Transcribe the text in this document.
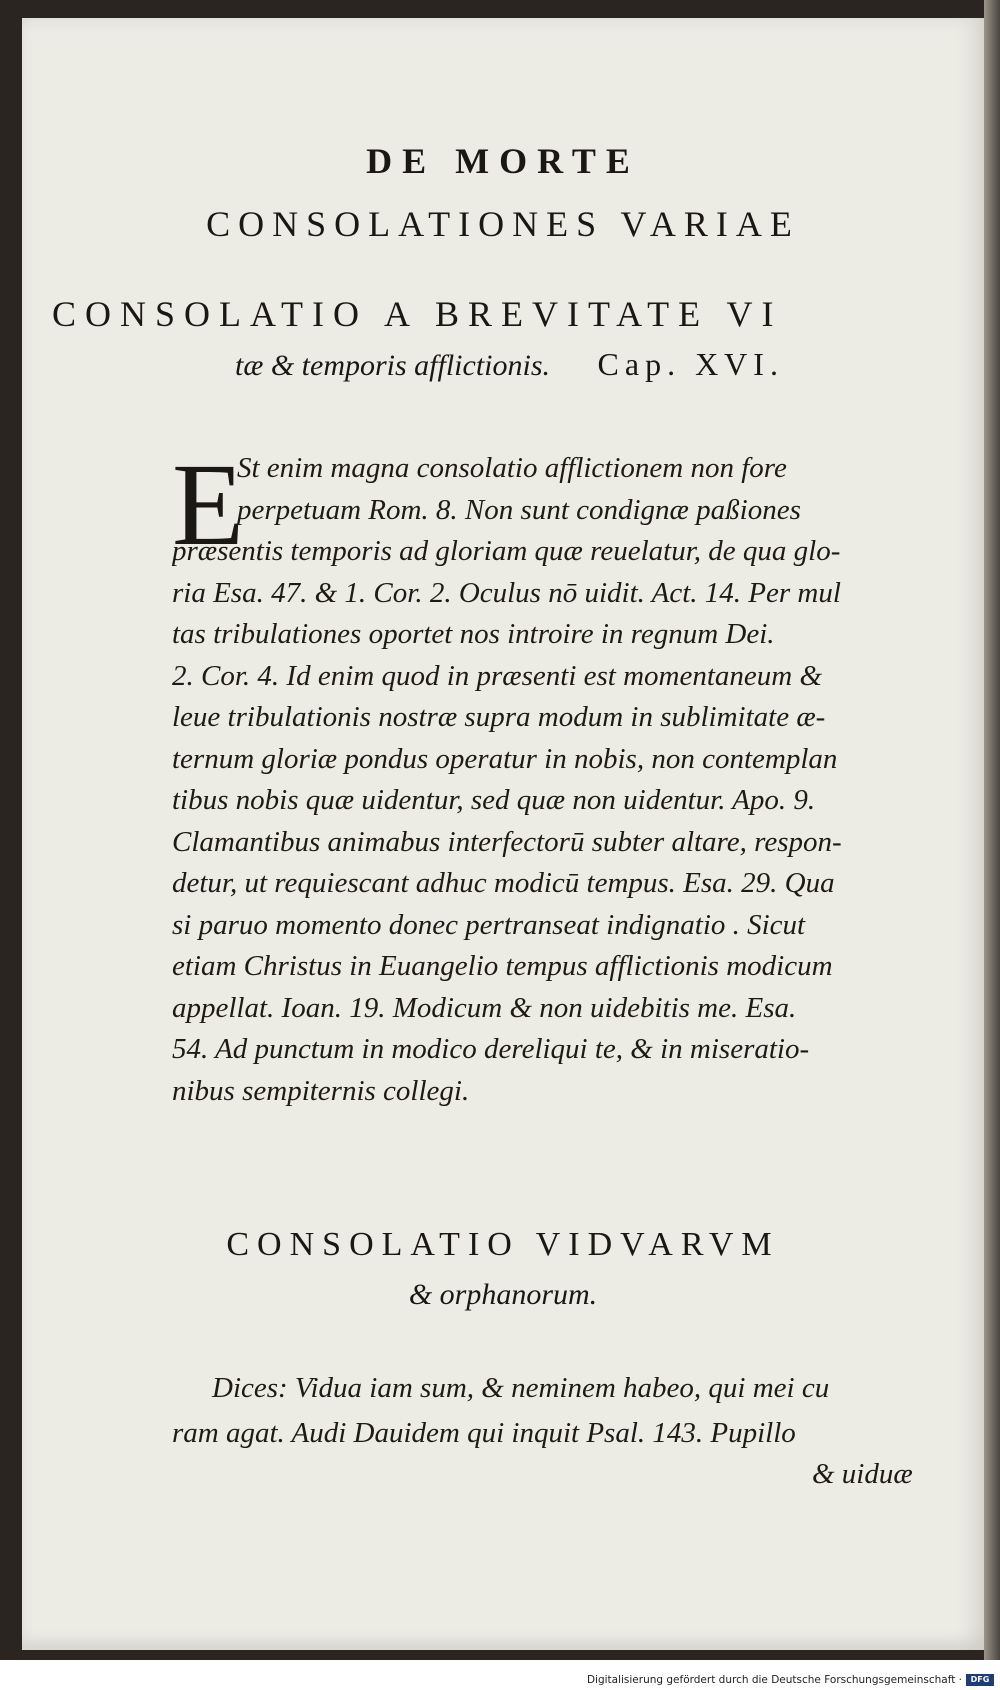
DE MORTE
CONSOLATIONES VARIAE
CONSOLATIO A BREVITATE VI
tæ & temporis afflictionis. Cap. XVI.
E
St enim magna consolatio afflictionem non fore
perpetuam Rom. 8. Non sunt condignæ paßiones
præsentis temporis ad gloriam quæ reuelatur, de qua glo-
ria Esa. 47. & 1. Cor. 2. Oculus nō uidit. Act. 14. Per mul
tas tribulationes oportet nos introire in regnum Dei.
2. Cor. 4. Id enim quod in præsenti est momentaneum &
leue tribulationis nostræ supra modum in sublimitate æ-
ternum gloriæ pondus operatur in nobis, non contemplan
tibus nobis quæ uidentur, sed quæ non uidentur. Apo. 9.
Clamantibus animabus interfectorū subter altare, respon-
detur, ut requiescant adhuc modicū tempus. Esa. 29. Qua
si paruo momento donec pertranseat indignatio . Sicut
etiam Christus in Euangelio tempus afflictionis modicum
appellat. Ioan. 19. Modicum & non uidebitis me. Esa.
54. Ad punctum in modico dereliqui te, & in miseratio-
nibus sempiternis collegi.
CONSOLATIO VIDVARVM
& orphanorum.
Dices: Vidua iam sum, & neminem habeo, qui mei cu
ram agat. Audi Dauidem qui inquit Psal. 143. Pupillo
& uiduæ
Digitalisierung gefördert durch die Deutsche Forschungsgemeinschaft ·	DFG
